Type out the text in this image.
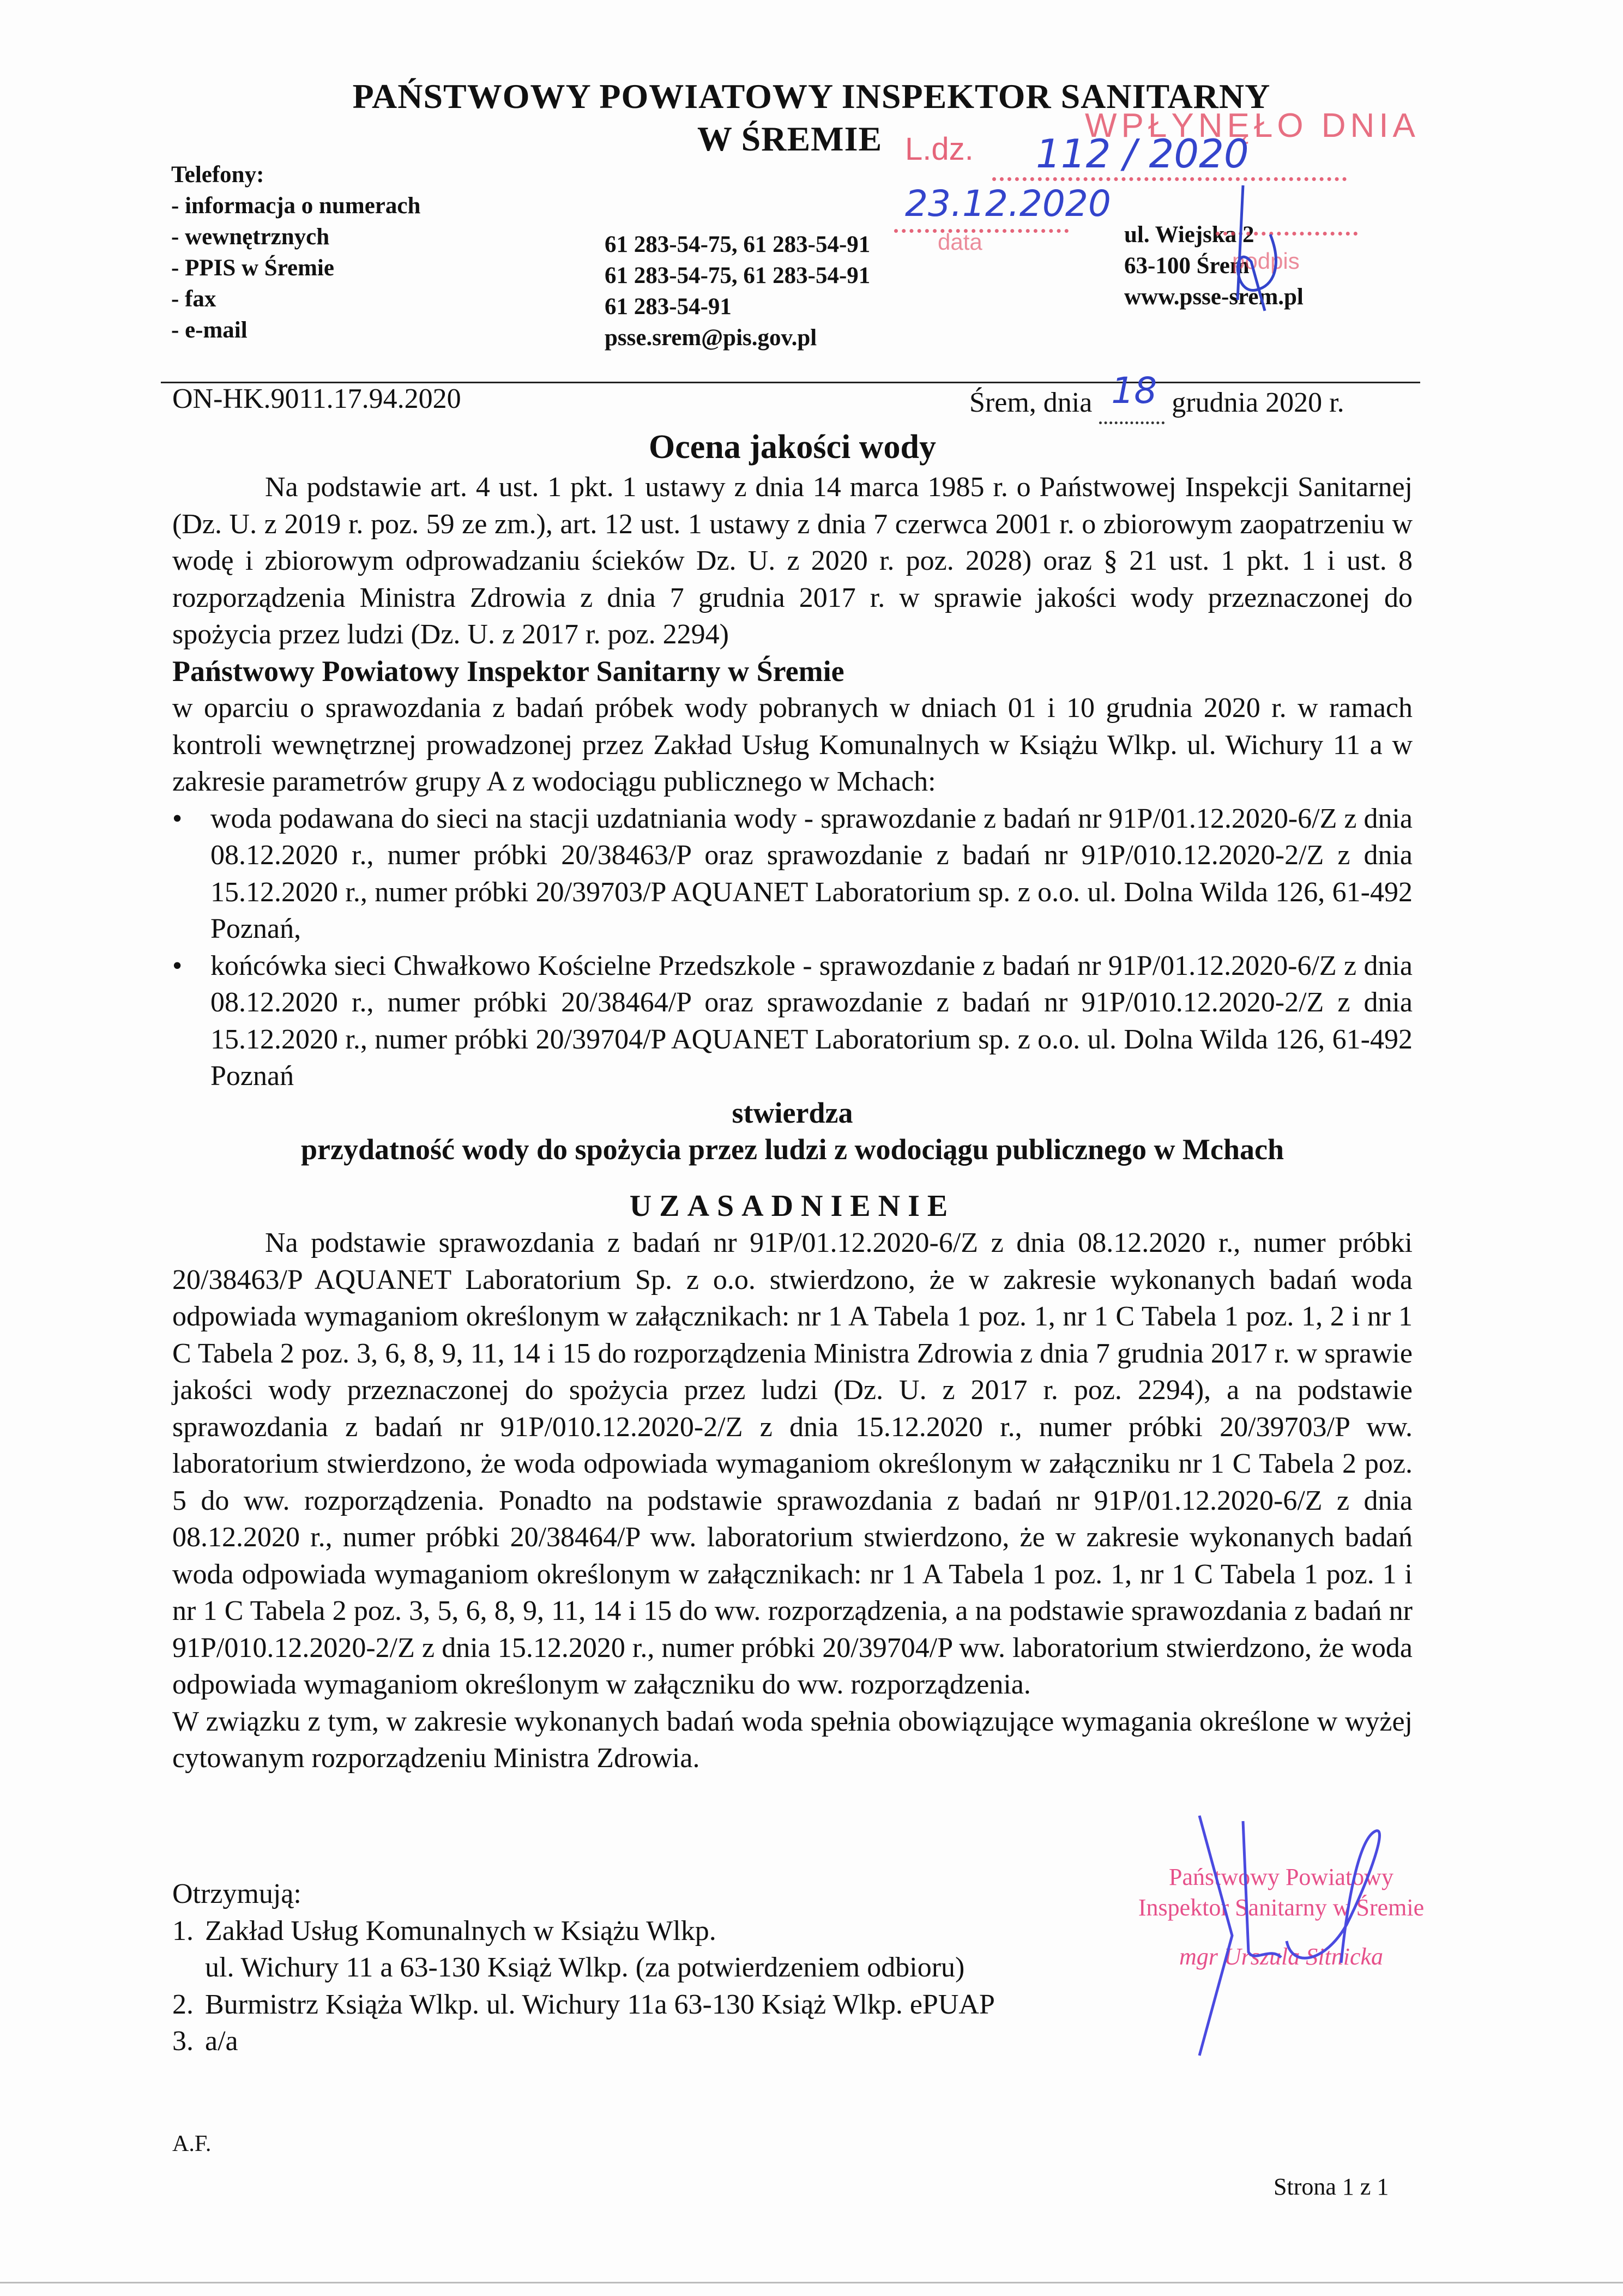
PAŃSTWOWY POWIATOWY INSPEKTOR SANITARNY
W ŚREMIE
Telefony:
- informacja o numerach
- wewnętrznych
- PPIS w Śremie
- fax
- e-mail
61 283-54-75, 61 283-54-91
61 283-54-75, 61 283-54-91
61 283-54-91
psse.srem@pis.gov.pl
ul. Wiejska 2
63-100 Śrem
www.psse-srem.pl
WPŁYNĘŁO DNIA
L.dz. 112 / 2020
23.12.2020
data
podpis
ON-HK.9011.17.94.2020	Śrem, dnia 18 grudnia 2020 r.
Ocena jakości wody
Na podstawie art. 4 ust. 1 pkt. 1 ustawy z dnia 14 marca 1985 r. o Państwowej Inspekcji Sanitarnej (Dz. U. z 2019 r. poz. 59 ze zm.), art. 12 ust. 1 ustawy z dnia 7 czerwca 2001 r. o zbiorowym zaopatrzeniu w wodę i zbiorowym odprowadzaniu ścieków Dz. U. z 2020 r. poz. 2028) oraz § 21 ust. 1 pkt. 1 i ust. 8 rozporządzenia Ministra Zdrowia z dnia 7 grudnia 2017 r. w sprawie jakości wody przeznaczonej do spożycia przez ludzi (Dz. U. z 2017 r. poz. 2294)
Państwowy Powiatowy Inspektor Sanitarny w Śremie
w oparciu o sprawozdania z badań próbek wody pobranych w dniach 01 i 10 grudnia 2020 r. w ramach kontroli wewnętrznej prowadzonej przez Zakład Usług Komunalnych w Książu Wlkp. ul. Wichury 11 a w zakresie parametrów grupy A z wodociągu publicznego w Mchach:
• woda podawana do sieci na stacji uzdatniania wody - sprawozdanie z badań nr 91P/01.12.2020-6/Z z dnia 08.12.2020 r., numer próbki 20/38463/P oraz sprawozdanie z badań nr 91P/010.12.2020-2/Z z dnia 15.12.2020 r., numer próbki 20/39703/P AQUANET Laboratorium sp. z o.o. ul. Dolna Wilda 126, 61-492 Poznań,
• końcówka sieci Chwałkowo Kościelne Przedszkole - sprawozdanie z badań nr 91P/01.12.2020-6/Z z dnia 08.12.2020 r., numer próbki 20/38464/P oraz sprawozdanie z badań nr 91P/010.12.2020-2/Z z dnia 15.12.2020 r., numer próbki 20/39704/P AQUANET Laboratorium sp. z o.o. ul. Dolna Wilda 126, 61-492 Poznań
stwierdza
przydatność wody do spożycia przez ludzi z wodociągu publicznego w Mchach
UZASADNIENIE
Na podstawie sprawozdania z badań nr 91P/01.12.2020-6/Z z dnia 08.12.2020 r., numer próbki 20/38463/P AQUANET Laboratorium Sp. z o.o. stwierdzono, że w zakresie wykonanych badań woda odpowiada wymaganiom określonym w załącznikach: nr 1 A Tabela 1 poz. 1, nr 1 C Tabela 1 poz. 1, 2 i nr 1 C Tabela 2 poz. 3, 6, 8, 9, 11, 14 i 15 do rozporządzenia Ministra Zdrowia z dnia 7 grudnia 2017 r. w sprawie jakości wody przeznaczonej do spożycia przez ludzi (Dz. U. z 2017 r. poz. 2294), a na podstawie sprawozdania z badań nr 91P/010.12.2020-2/Z z dnia 15.12.2020 r., numer próbki 20/39703/P ww. laboratorium stwierdzono, że woda odpowiada wymaganiom określonym w załączniku nr 1 C Tabela 2 poz. 5 do ww. rozporządzenia. Ponadto na podstawie sprawozdania z badań nr 91P/01.12.2020-6/Z z dnia 08.12.2020 r., numer próbki 20/38464/P ww. laboratorium stwierdzono, że w zakresie wykonanych badań woda odpowiada wymaganiom określonym w załącznikach: nr 1 A Tabela 1 poz. 1, nr 1 C Tabela 1 poz. 1 i nr 1 C Tabela 2 poz. 3, 5, 6, 8, 9, 11, 14 i 15 do ww. rozporządzenia, a na podstawie sprawozdania z badań nr 91P/010.12.2020-2/Z z dnia 15.12.2020 r., numer próbki 20/39704/P ww. laboratorium stwierdzono, że woda odpowiada wymaganiom określonym w załączniku do ww. rozporządzenia.
W związku z tym, w zakresie wykonanych badań woda spełnia obowiązujące wymagania określone w wyżej cytowanym rozporządzeniu Ministra Zdrowia.
Państwowy Powiatowy
Inspektor Sanitarny w Śremie
mgr Urszula Sitnicka
Otrzymują:
1. Zakład Usług Komunalnych w Książu Wlkp.
ul. Wichury 11 a 63-130 Książ Wlkp. (za potwierdzeniem odbioru)
2. Burmistrz Książa Wlkp. ul. Wichury 11a 63-130 Książ Wlkp. ePUAP
3. a/a
A.F.
Strona 1 z 1
